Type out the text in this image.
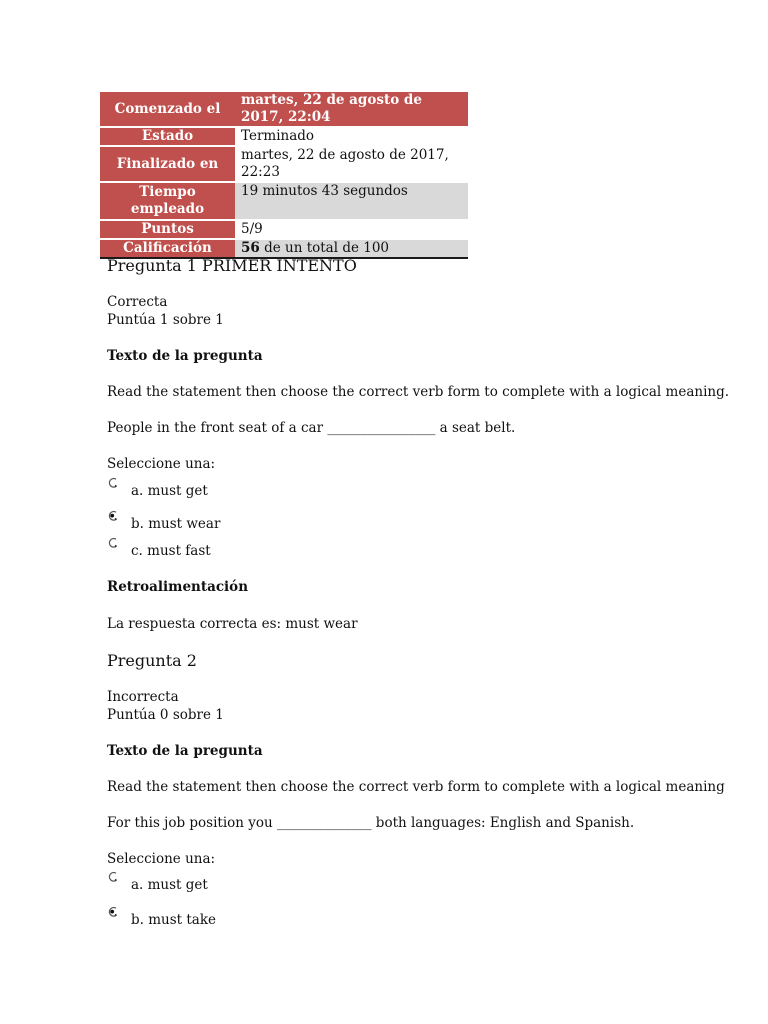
Comenzado el	martes, 22 de agosto de 2017, 22:04
Estado	Terminado
Finalizado en	martes, 22 de agosto de 2017, 22:23
Tiempo empleado	19 minutos 43 segundos
Puntos	5/9
Calificación	56 de un total de 100
Pregunta 1 PRIMER INTENTO
Correcta
Puntúa 1 sobre 1
Texto de la pregunta
Read the statement then choose the correct verb form to complete with a logical meaning.
People in the front seat of a car ________________ a seat belt.
Seleccione una:
a. must get
b. must wear
c. must fast
Retroalimentación
La respuesta correcta es: must wear
Pregunta 2
Incorrecta
Puntúa 0 sobre 1
Texto de la pregunta
Read the statement then choose the correct verb form to complete with a logical meaning
For this job position you ______________ both languages: English and Spanish.
Seleccione una:
a. must get
b. must take
